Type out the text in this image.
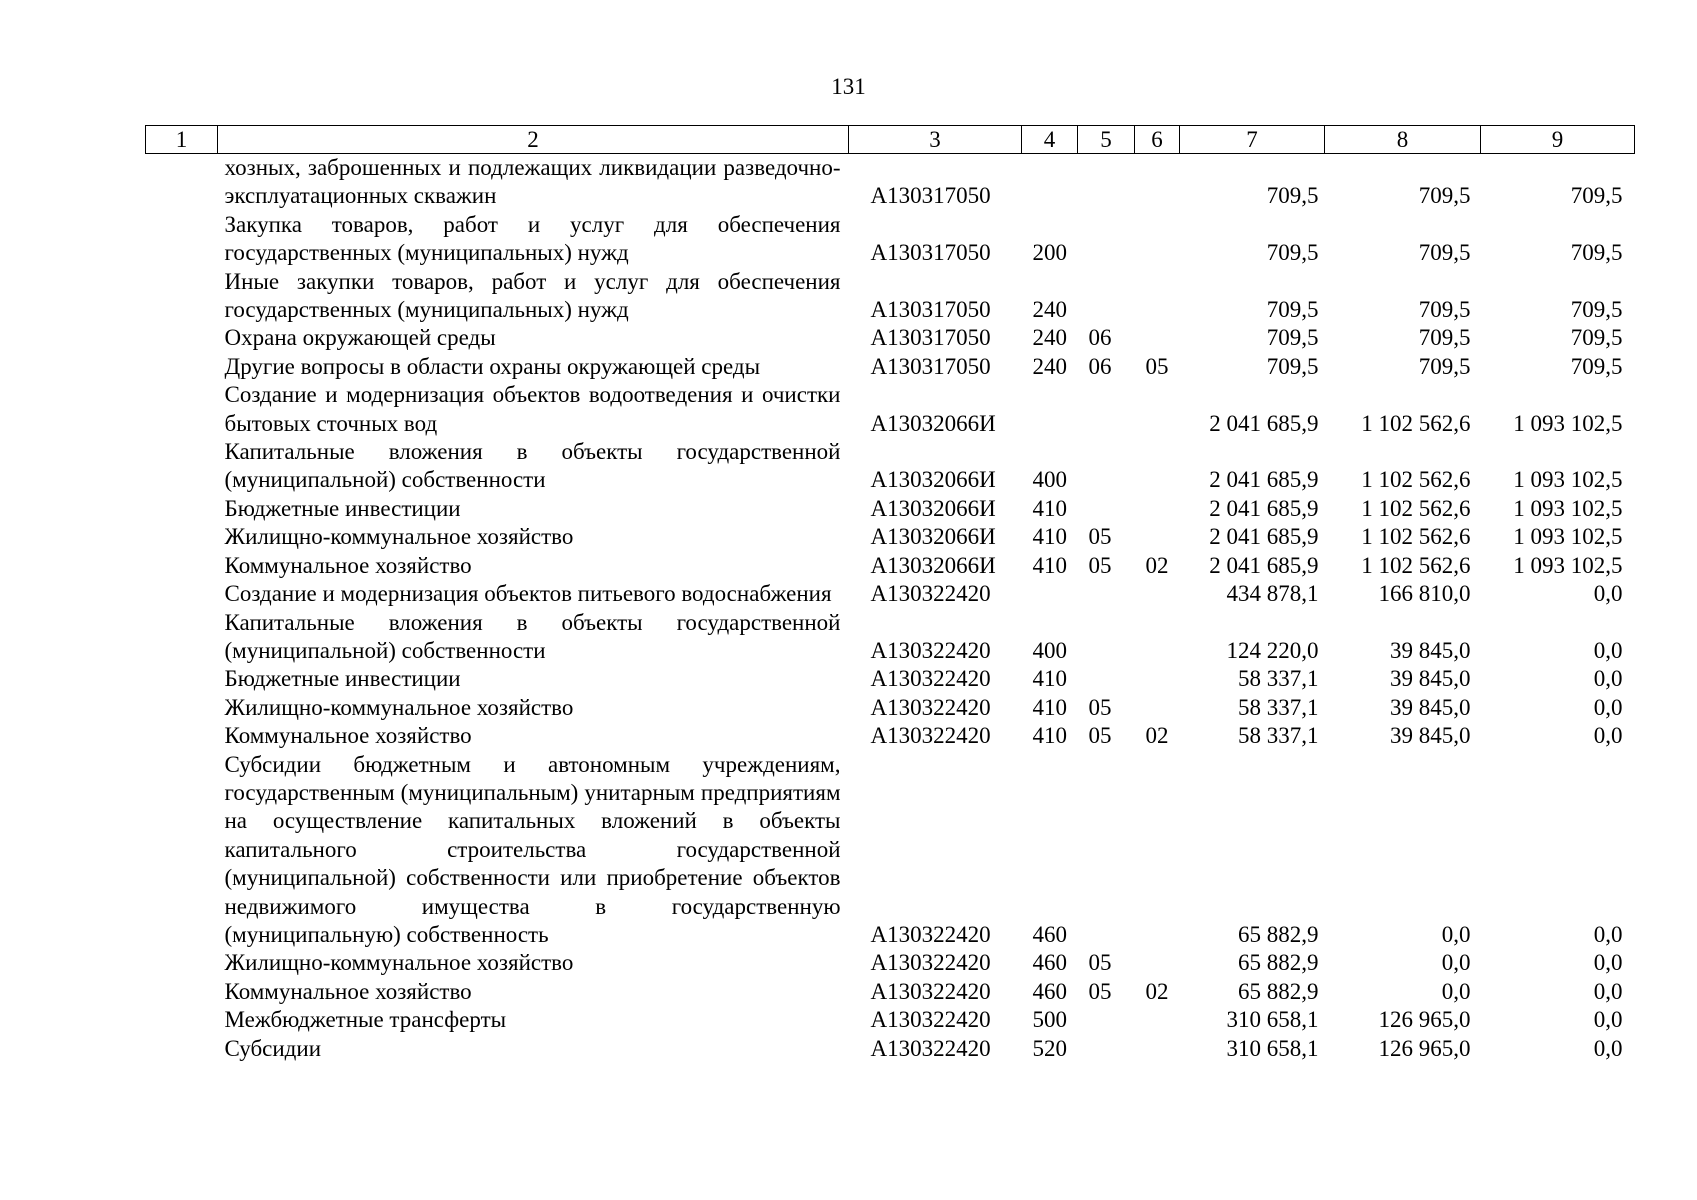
131
1	2	3	4	5	6	7	8	9
	хозных, заброшенных и подлежащих ликвидации разведочно-эксплуатационных скважин	А130317050				709,5	709,5	709,5
	Закупка товаров, работ и услуг для обеспечения государственных (муниципальных) нужд	А130317050	200			709,5	709,5	709,5
	Иные закупки товаров, работ и услуг для обеспечения государственных (муниципальных) нужд	А130317050	240			709,5	709,5	709,5
	Охрана окружающей среды	А130317050	240	06		709,5	709,5	709,5
	Другие вопросы в области охраны окружающей среды	А130317050	240	06	05	709,5	709,5	709,5
	Создание и модернизация объектов водоотведения и очистки бытовых сточных вод	А13032066И				2 041 685,9	1 102 562,6	1 093 102,5
	Капитальные вложения в объекты государственной (муниципальной) собственности	А13032066И	400			2 041 685,9	1 102 562,6	1 093 102,5
	Бюджетные инвестиции	А13032066И	410			2 041 685,9	1 102 562,6	1 093 102,5
	Жилищно-коммунальное хозяйство	А13032066И	410	05		2 041 685,9	1 102 562,6	1 093 102,5
	Коммунальное хозяйство	А13032066И	410	05	02	2 041 685,9	1 102 562,6	1 093 102,5
	Создание и модернизация объектов питьевого водоснабжения	А130322420				434 878,1	166 810,0	0,0
	Капитальные вложения в объекты государственной (муниципальной) собственности	А130322420	400			124 220,0	39 845,0	0,0
	Бюджетные инвестиции	А130322420	410			58 337,1	39 845,0	0,0
	Жилищно-коммунальное хозяйство	А130322420	410	05		58 337,1	39 845,0	0,0
	Коммунальное хозяйство	А130322420	410	05	02	58 337,1	39 845,0	0,0
	Субсидии бюджетным и автономным учреждениям, государственным (муниципальным) унитарным предприятиям на осуществление капитальных вложений в объекты капитального строительства государственной (муниципальной) собственности или приобретение объектов недвижимого имущества в государственную (муниципальную) собственность	А130322420	460			65 882,9	0,0	0,0
	Жилищно-коммунальное хозяйство	А130322420	460	05		65 882,9	0,0	0,0
	Коммунальное хозяйство	А130322420	460	05	02	65 882,9	0,0	0,0
	Межбюджетные трансферты	А130322420	500			310 658,1	126 965,0	0,0
	Субсидии	А130322420	520			310 658,1	126 965,0	0,0
